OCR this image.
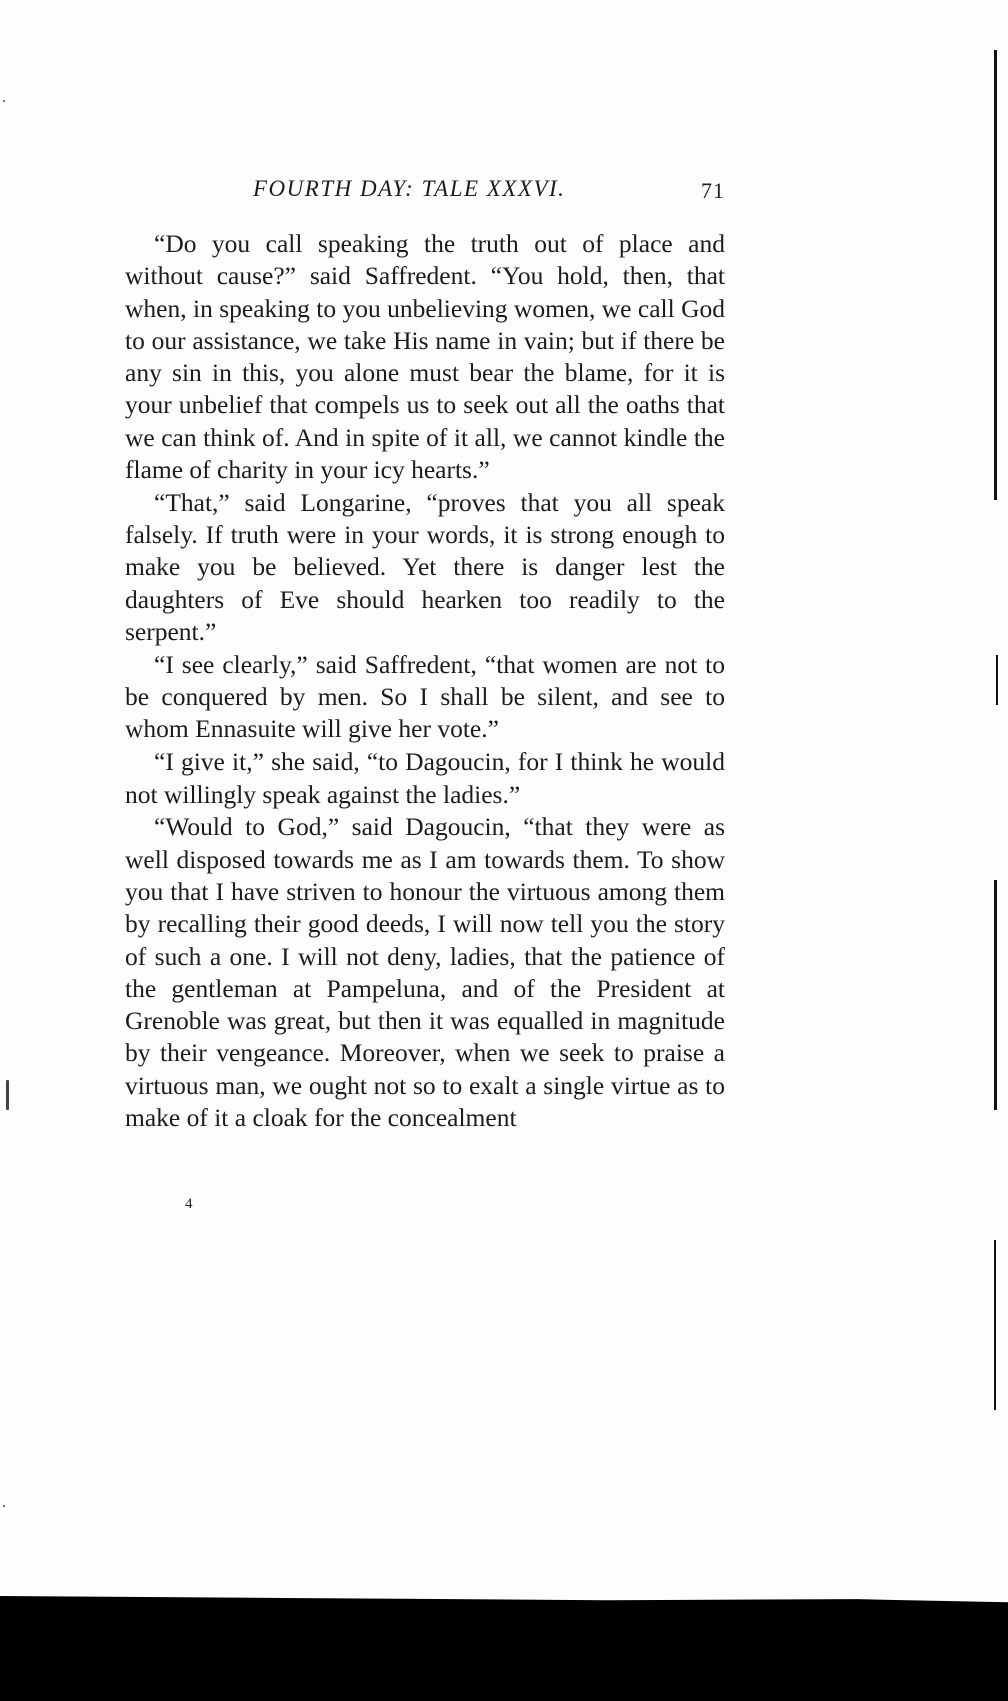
FOURTH DAY: TALE XXXVI.	71

“Do you call speaking the truth out of place and without cause?” said Saffredent. “You hold, then, that when, in speaking to you unbelieving women, we call God to our assistance, we take His name in vain; but if there be any sin in this, you alone must bear the blame, for it is your unbelief that compels us to seek out all the oaths that we can think of. And in spite of it all, we cannot kindle the flame of charity in your icy hearts.”

“That,” said Longarine, “proves that you all speak falsely. If truth were in your words, it is strong enough to make you be believed. Yet there is danger lest the daughters of Eve should hearken too readily to the serpent.”

“I see clearly,” said Saffredent, “that women are not to be conquered by men. So I shall be silent, and see to whom Ennasuite will give her vote.”

“I give it,” she said, “to Dagoucin, for I think he would not willingly speak against the ladies.”

“Would to God,” said Dagoucin, “that they were as well disposed towards me as I am towards them. To show you that I have striven to honour the virtuous among them by recalling their good deeds, I will now tell you the story of such a one. I will not deny, ladies, that the patience of the gentleman at Pampeluna, and of the President at Grenoble was great, but then it was equalled in magnitude by their vengeance. Moreover, when we seek to praise a virtuous man, we ought not so to exalt a single virtue as to make of it a cloak for the concealment

4
